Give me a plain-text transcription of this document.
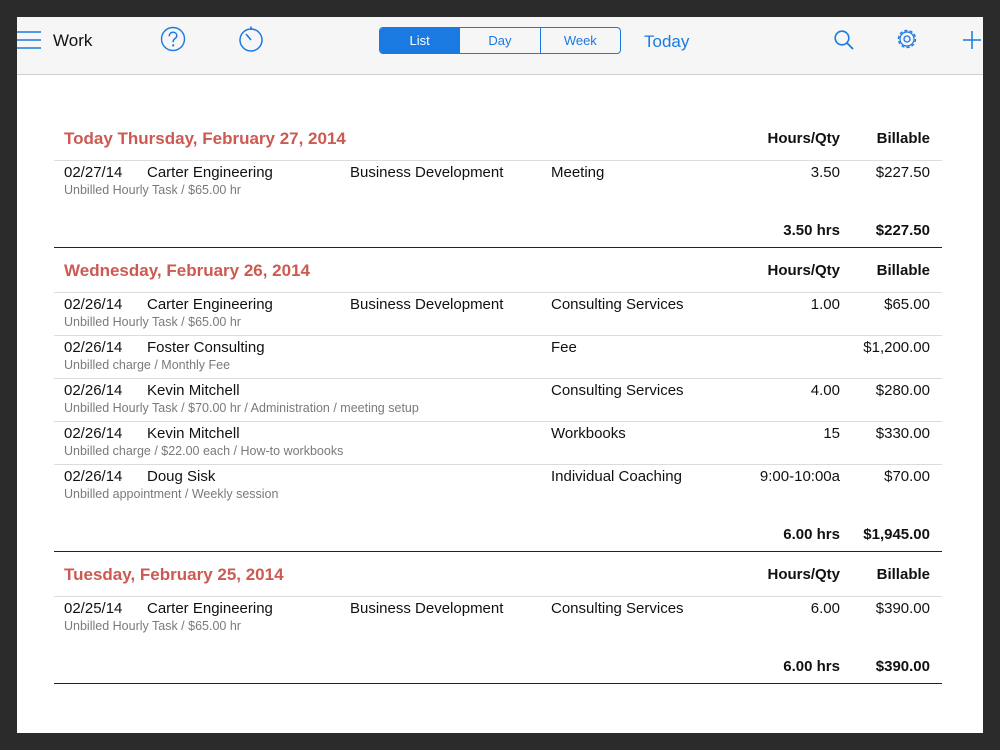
Work	List	Day	Week	Today
Today Thursday, February 27, 2014	Hours/Qty Billable
02/27/14 Carter Engineering	Business Development	Meeting	3.50 $227.50
Unbilled Hourly Task / $65.00 hr
3.50 hrs $227.50
Wednesday, February 26, 2014	Hours/Qty Billable
02/26/14 Carter Engineering	Business Development	Consulting Services	1.00	$65.00
Unbilled Hourly Task / $65.00 hr
02/26/14 Foster Consulting	Fee	$1,200.00
Unbilled charge / Monthly Fee
02/26/14 Kevin Mitchell	Consulting Services	4.00 $280.00
Unbilled Hourly Task / $70.00 hr / Administration / meeting setup
02/26/14 Kevin Mitchell	Workbooks	15 $330.00
Unbilled charge / $22.00 each / How-to workbooks
02/26/14 Doug Sisk	Individual Coaching	9:00-10:00a	$70.00
Unbilled appointment / Weekly session
6.00 hrs $1,945.00
Tuesday, February 25, 2014	Hours/Qty Billable
02/25/14 Carter Engineering	Business Development	Consulting Services	6.00 $390.00
Unbilled Hourly Task / $65.00 hr
6.00 hrs $390.00
